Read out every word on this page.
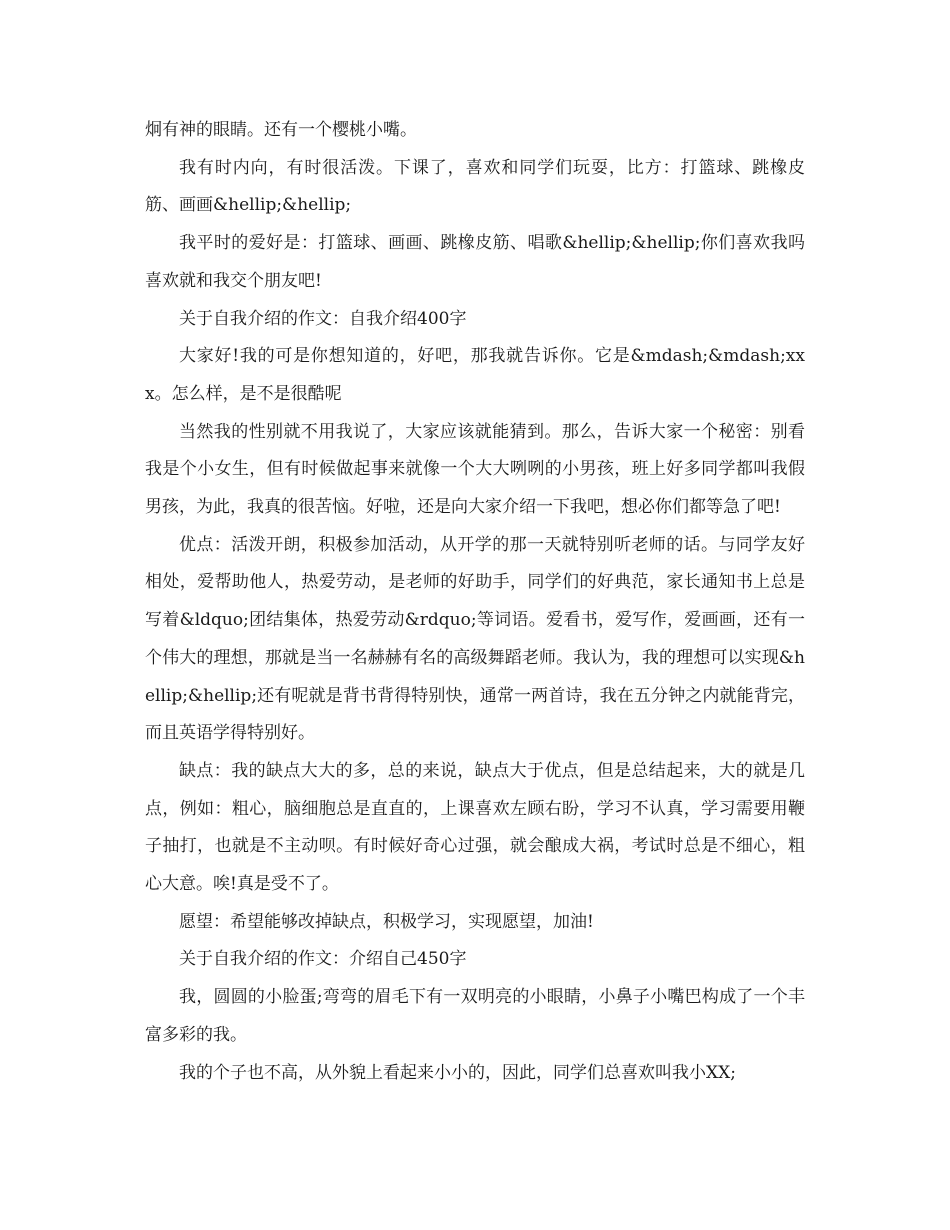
炯有神的眼睛。还有一个樱桃小嘴。

我有时内向，有时很活泼。下课了，喜欢和同学们玩耍，比方：打篮球、跳橡皮筋、画画&hellip;&hellip;

我平时的爱好是：打篮球、画画、跳橡皮筋、唱歌&hellip;&hellip;你们喜欢我吗喜欢就和我交个朋友吧!

关于自我介绍的作文：自我介绍400字

大家好!我的可是你想知道的，好吧，那我就告诉你。它是&mdash;&mdash;xxx。怎么样，是不是很酷呢

当然我的性别就不用我说了，大家应该就能猜到。那么，告诉大家一个秘密：别看我是个小女生，但有时候做起事来就像一个大大咧咧的小男孩，班上好多同学都叫我假男孩，为此，我真的很苦恼。好啦，还是向大家介绍一下我吧，想必你们都等急了吧!

优点：活泼开朗，积极参加活动，从开学的那一天就特别听老师的话。与同学友好相处，爱帮助他人，热爱劳动，是老师的好助手，同学们的好典范，家长通知书上总是写着&ldquo;团结集体，热爱劳动&rdquo;等词语。爱看书，爱写作，爱画画，还有一个伟大的理想，那就是当一名赫赫有名的高级舞蹈老师。我认为，我的理想可以实现&hellip;&hellip;还有呢就是背书背得特别快，通常一两首诗，我在五分钟之内就能背完，而且英语学得特别好。

缺点：我的缺点大大的多，总的来说，缺点大于优点，但是总结起来，大的就是几点，例如：粗心，脑细胞总是直直的，上课喜欢左顾右盼，学习不认真，学习需要用鞭子抽打，也就是不主动呗。有时候好奇心过强，就会酿成大祸，考试时总是不细心，粗心大意。唉!真是受不了。

愿望：希望能够改掉缺点，积极学习，实现愿望，加油!

关于自我介绍的作文：介绍自己450字

我，圆圆的小脸蛋;弯弯的眉毛下有一双明亮的小眼睛，小鼻子小嘴巴构成了一个丰富多彩的我。

我的个子也不高，从外貌上看起来小小的，因此，同学们总喜欢叫我小XX;
